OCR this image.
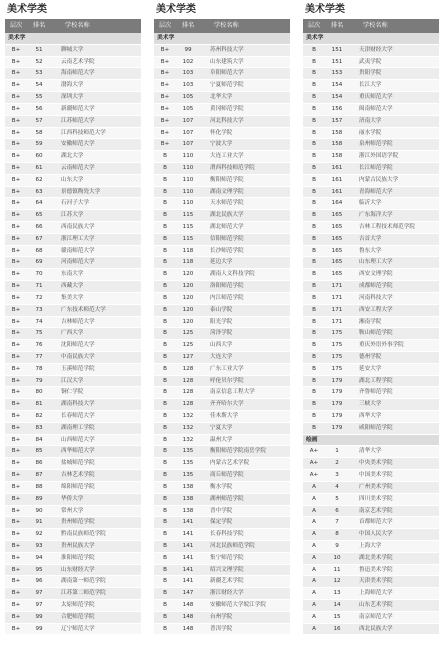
美术学类
层次	排名	学校名称
美术学
B+	51	聊城大学
B+	52	云南艺术学院
B+	53	海南师范大学
B+	54	渤海大学
B+	55	深圳大学
B+	56	新疆师范大学
B+	57	江苏师范大学
B+	58	江西科技师范大学
B+	59	安徽师范大学
B+	60	湖北大学
B+	61	云南师范大学
B+	62	山东大学
B+	63	景德镇陶瓷大学
B+	64	石河子大学
B+	65	江苏大学
B+	66	西南民族大学
B+	67	浙江理工大学
B+	68	赣南师范大学
B+	69	河南师范大学
B+	70	东南大学
B+	71	西藏大学
B+	72	集美大学
B+	73	广东技术师范大学
B+	74	吉林师范大学
B+	75	广西大学
B+	76	沈阳师范大学
B+	77	中南民族大学
B+	78	玉溪师范学院
B+	79	江汉大学
B+	80	铜仁学院
B+	81	湖南科技大学
B+	82	长春师范大学
B+	83	湖南理工学院
B+	84	山西师范大学
B+	85	西华师范大学
B+	86	盐城师范学院
B+	87	吉林艺术学院
B+	88	绵阳师范学院
B+	89	华侨大学
B+	90	常州大学
B+	91	贵州师范学院
B+	92	黔南民族师范学院
B+	93	贵州民族大学
B+	94	淮阳师范学院
B+	95	山东财经大学
B+	96	湖南第一师范学院
B+	97	江苏第二师范学院
B+	97	太原师范学院
B+	99	合肥师范学院
B+	99	辽宁师范大学
美术学类
层次	排名	学校名称
美术学
B+	99	苏州科技大学
B+	102	山东建筑大学
B+	103	阜阳师范大学
B+	103	宁夏师范学院
B+	105	北华大学
B+	105	黄冈师范学院
B+	107	河北科技大学
B+	107	怀化学院
B+	107	宁波大学
B	110	大连工业大学
B	110	渭西科技师范学院
B	110	衡阳师范学院
B	110	湖南文理学院
B	110	天水师范学院
B	115	湖北民族大学
B	115	湖北师范大学
B	115	信阳师范学院
B	118	长沙师范学院
B	118	延边大学
B	120	湖南人文科技学院
B	120	洛阳师范学院
B	120	内江师范学院
B	120	泰山学院
B	120	阳光学院
B	125	菏泽学院
B	125	山西大学
B	127	大连大学
B	128	广东工业大学
B	128	呼伦贝尔学院
B	128	南京信息工程大学
B	128	齐齐哈尔大学
B	132	佳木斯大学
B	132	宁夏大学
B	132	温州大学
B	135	衡阳师范学院南岳学院
B	135	内蒙古艺术学院
B	135	商丘师范学院
B	138	衡水学院
B	138	湖州师范学院
B	138	晋中学院
B	141	保定学院
B	141	长春科技学院
B	141	河北民族师范学院
B	141	集宁师范学院
B	141	绍兴文理学院
B	141	新疆艺术学院
B	147	浙江财经大学
B	148	安徽师范大学皖江学院
B	148	台州学院
B	148	普洱学院
美术学类
层次	排名	学校名称
美术学
B	151	天津财经大学
B	151	武夷学院
B	153	贵阳学院
B	154	长江大学
B	154	重庆师范大学
B	156	闽南师范大学
B	157	济南大学
B	158	丽水学院
B	158	泉州师范学院
B	158	浙江外国语学院
B	161	长江师范学院
B	161	内蒙古民族大学
B	161	青海师范大学
B	164	临沂大学
B	165	广东海洋大学
B	165	吉林工程技术师范学院
B	165	吉首大学
B	165	鲁东大学
B	165	山东理工大学
B	165	西安文理学院
B	171	成都师范学院
B	171	河南科技大学
B	171	西安工程大学
B	171	湘南学院
B	175	鞍山师范学院
B	175	重庆外语外事学院
B	175	德州学院
B	175	延安大学
B	179	湖北工程学院
B	179	齐鲁师范学院
B	179	三峡大学
B	179	西华大学
B	179	咸阳师范学院
绘画
A+	1	清华大学
A+	2	中央美术学院
A+	3	中国美术学院
A	4	广州美术学院
A	5	四川美术学院
A	6	南京艺术学院
A	7	首都师范大学
A	8	中国人民大学
A	9	上海大学
A	10	湖北美术学院
A	11	鲁迅美术学院
A	12	天津美术学院
A	13	上海师范大学
A	14	山东艺术学院
A	15	南京师范大学
A	16	西北民族大学
